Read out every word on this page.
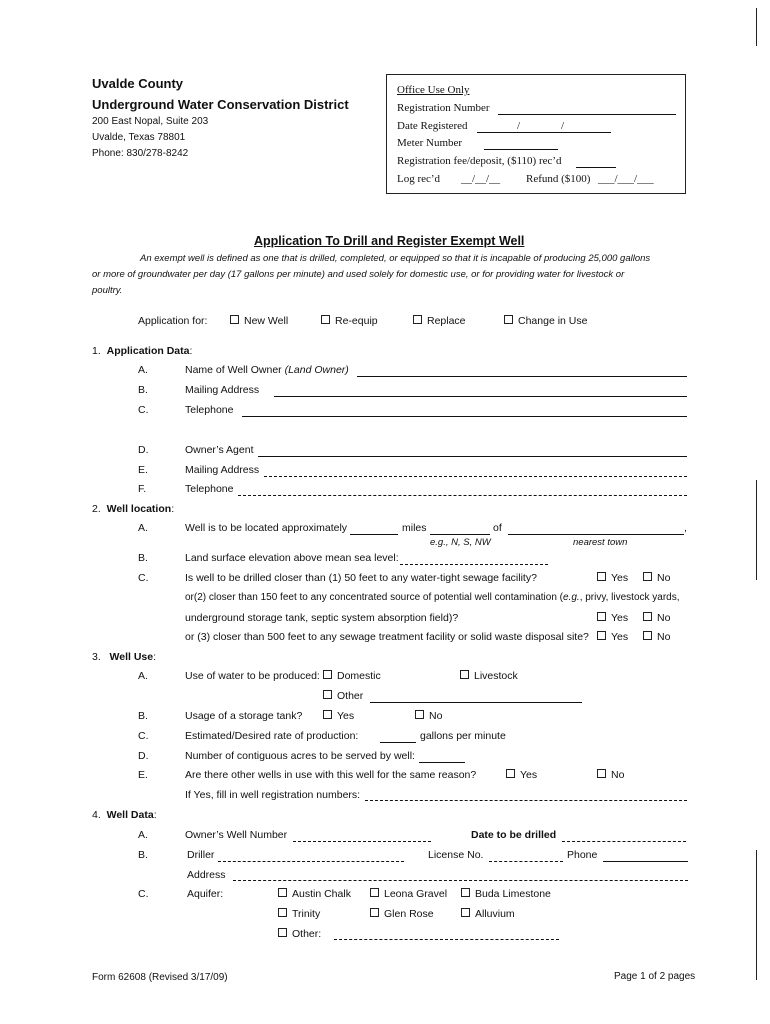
Uvalde County
Underground Water Conservation District
200 East Nopal, Suite 203
Uvalde, Texas 78801
Phone: 830/278-8242
Office Use Only
Registration Number
Date Registered	/	/
Meter Number
Registration fee/deposit, ($110) rec’d
Log rec’d __/__/__ Refund ($100) ___/___/___
Application To Drill and Register Exempt Well
An exempt well is defined as one that is drilled, completed, or equipped so that it is incapable of producing 25,000 gallons
or more of groundwater per day (17 gallons per minute) and used solely for domestic use, or for providing water for livestock or
poultry.
Application for:	New Well	Re-equip	Replace	Change in Use
1. Application Data:
A.	Name of Well Owner (Land Owner)
B.	Mailing Address
C.	Telephone
D.	Owner’s Agent
E.	Mailing Address
F.	Telephone
2. Well location:
A.	Well is to be located approximately	miles	of	,
e.g., N, S, NW	nearest town
B.	Land surface elevation above mean sea level:
C.	Is well to be drilled closer than (1) 50 feet to any water-tight sewage facility?	Yes	No
or(2) closer than 150 feet to any concentrated source of potential well contamination (e.g., privy, livestock yards,
underground storage tank, septic system absorption field)?	Yes	No
or (3) closer than 500 feet to any sewage treatment facility or solid waste disposal site?	Yes	No
3. Well Use:
A.	Use of water to be produced:	Domestic	Livestock
Other
B.	Usage of a storage tank?	Yes	No
C.	Estimated/Desired rate of production:	gallons per minute
D.	Number of contiguous acres to be served by well:
E.	Are there other wells in use with this well for the same reason?	Yes	No
If Yes, fill in well registration numbers:
4. Well Data:
A.	Owner’s Well Number	Date to be drilled
B.	Driller	License No.	Phone
Address
C.	Aquifer:	Austin Chalk	Leona Gravel	Buda Limestone
Trinity	Glen Rose	Alluvium
Other:
Form 62608 (Revised 3/17/09)	Page 1 of 2 pages
